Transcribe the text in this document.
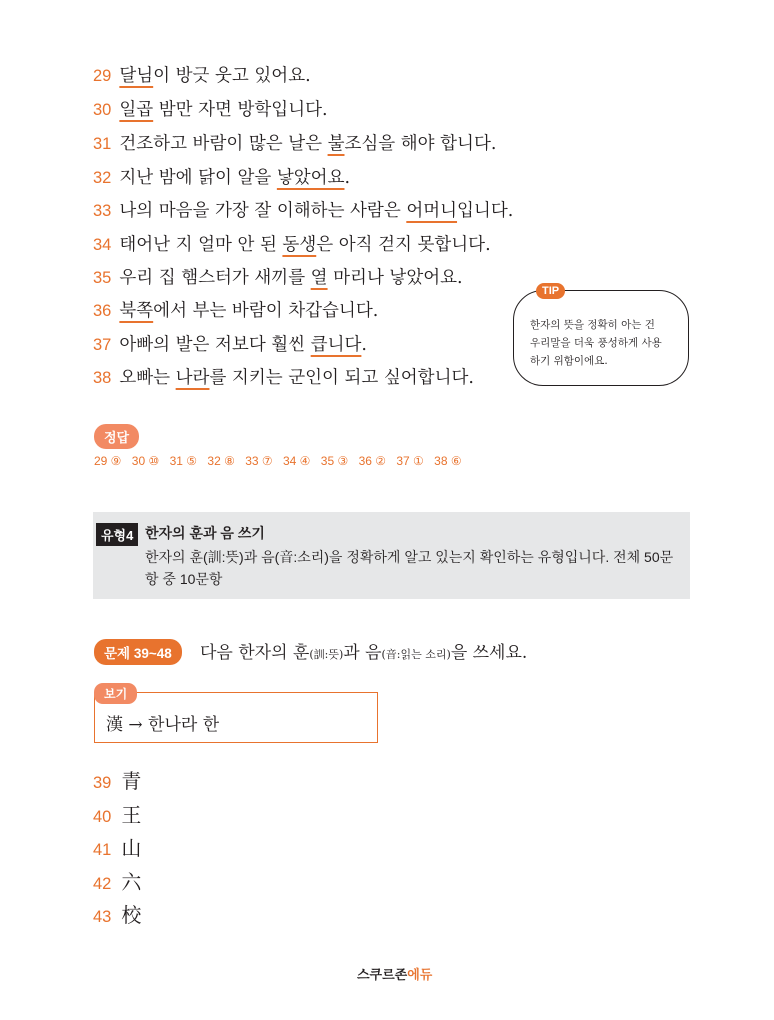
29 달님이 방긋 웃고 있어요.
30 일곱 밤만 자면 방학입니다.
31 건조하고 바람이 많은 날은 불조심을 해야 합니다.
32 지난 밤에 닭이 알을 낳았어요.
33 나의 마음을 가장 잘 이해하는 사람은 어머니입니다.
34 태어난 지 얼마 안 된 동생은 아직 걷지 못합니다.
35 우리 집 햄스터가 새끼를 열 마리나 낳았어요.
36 북쪽에서 부는 바람이 차갑습니다.
37 아빠의 발은 저보다 훨씬 큽니다.
38 오빠는 나라를 지키는 군인이 되고 싶어합니다.
TIP
한자의 뜻을 정확히 아는 건
우리말을 더욱 풍성하게 사용
하기 위함이에요.
정답
29 ⑨ 30 ⑩ 31 ⑤ 32 ⑧ 33 ⑦ 34 ④ 35 ③ 36 ② 37 ① 38 ⑥
유형4 한자의 훈과 음 쓰기
한자의 훈(訓:뜻)과 음(音:소리)을 정확하게 알고 있는지 확인하는 유형입니다. 전체 50문항 중 10문항
문제 39~48	다음 한자의 훈(訓:뜻)과 음(音:읽는 소리)을 쓰세요.
보기
漢 → 한나라 한
39 青
40 王
41 山
42 六
43 校
스쿠르존에듀
